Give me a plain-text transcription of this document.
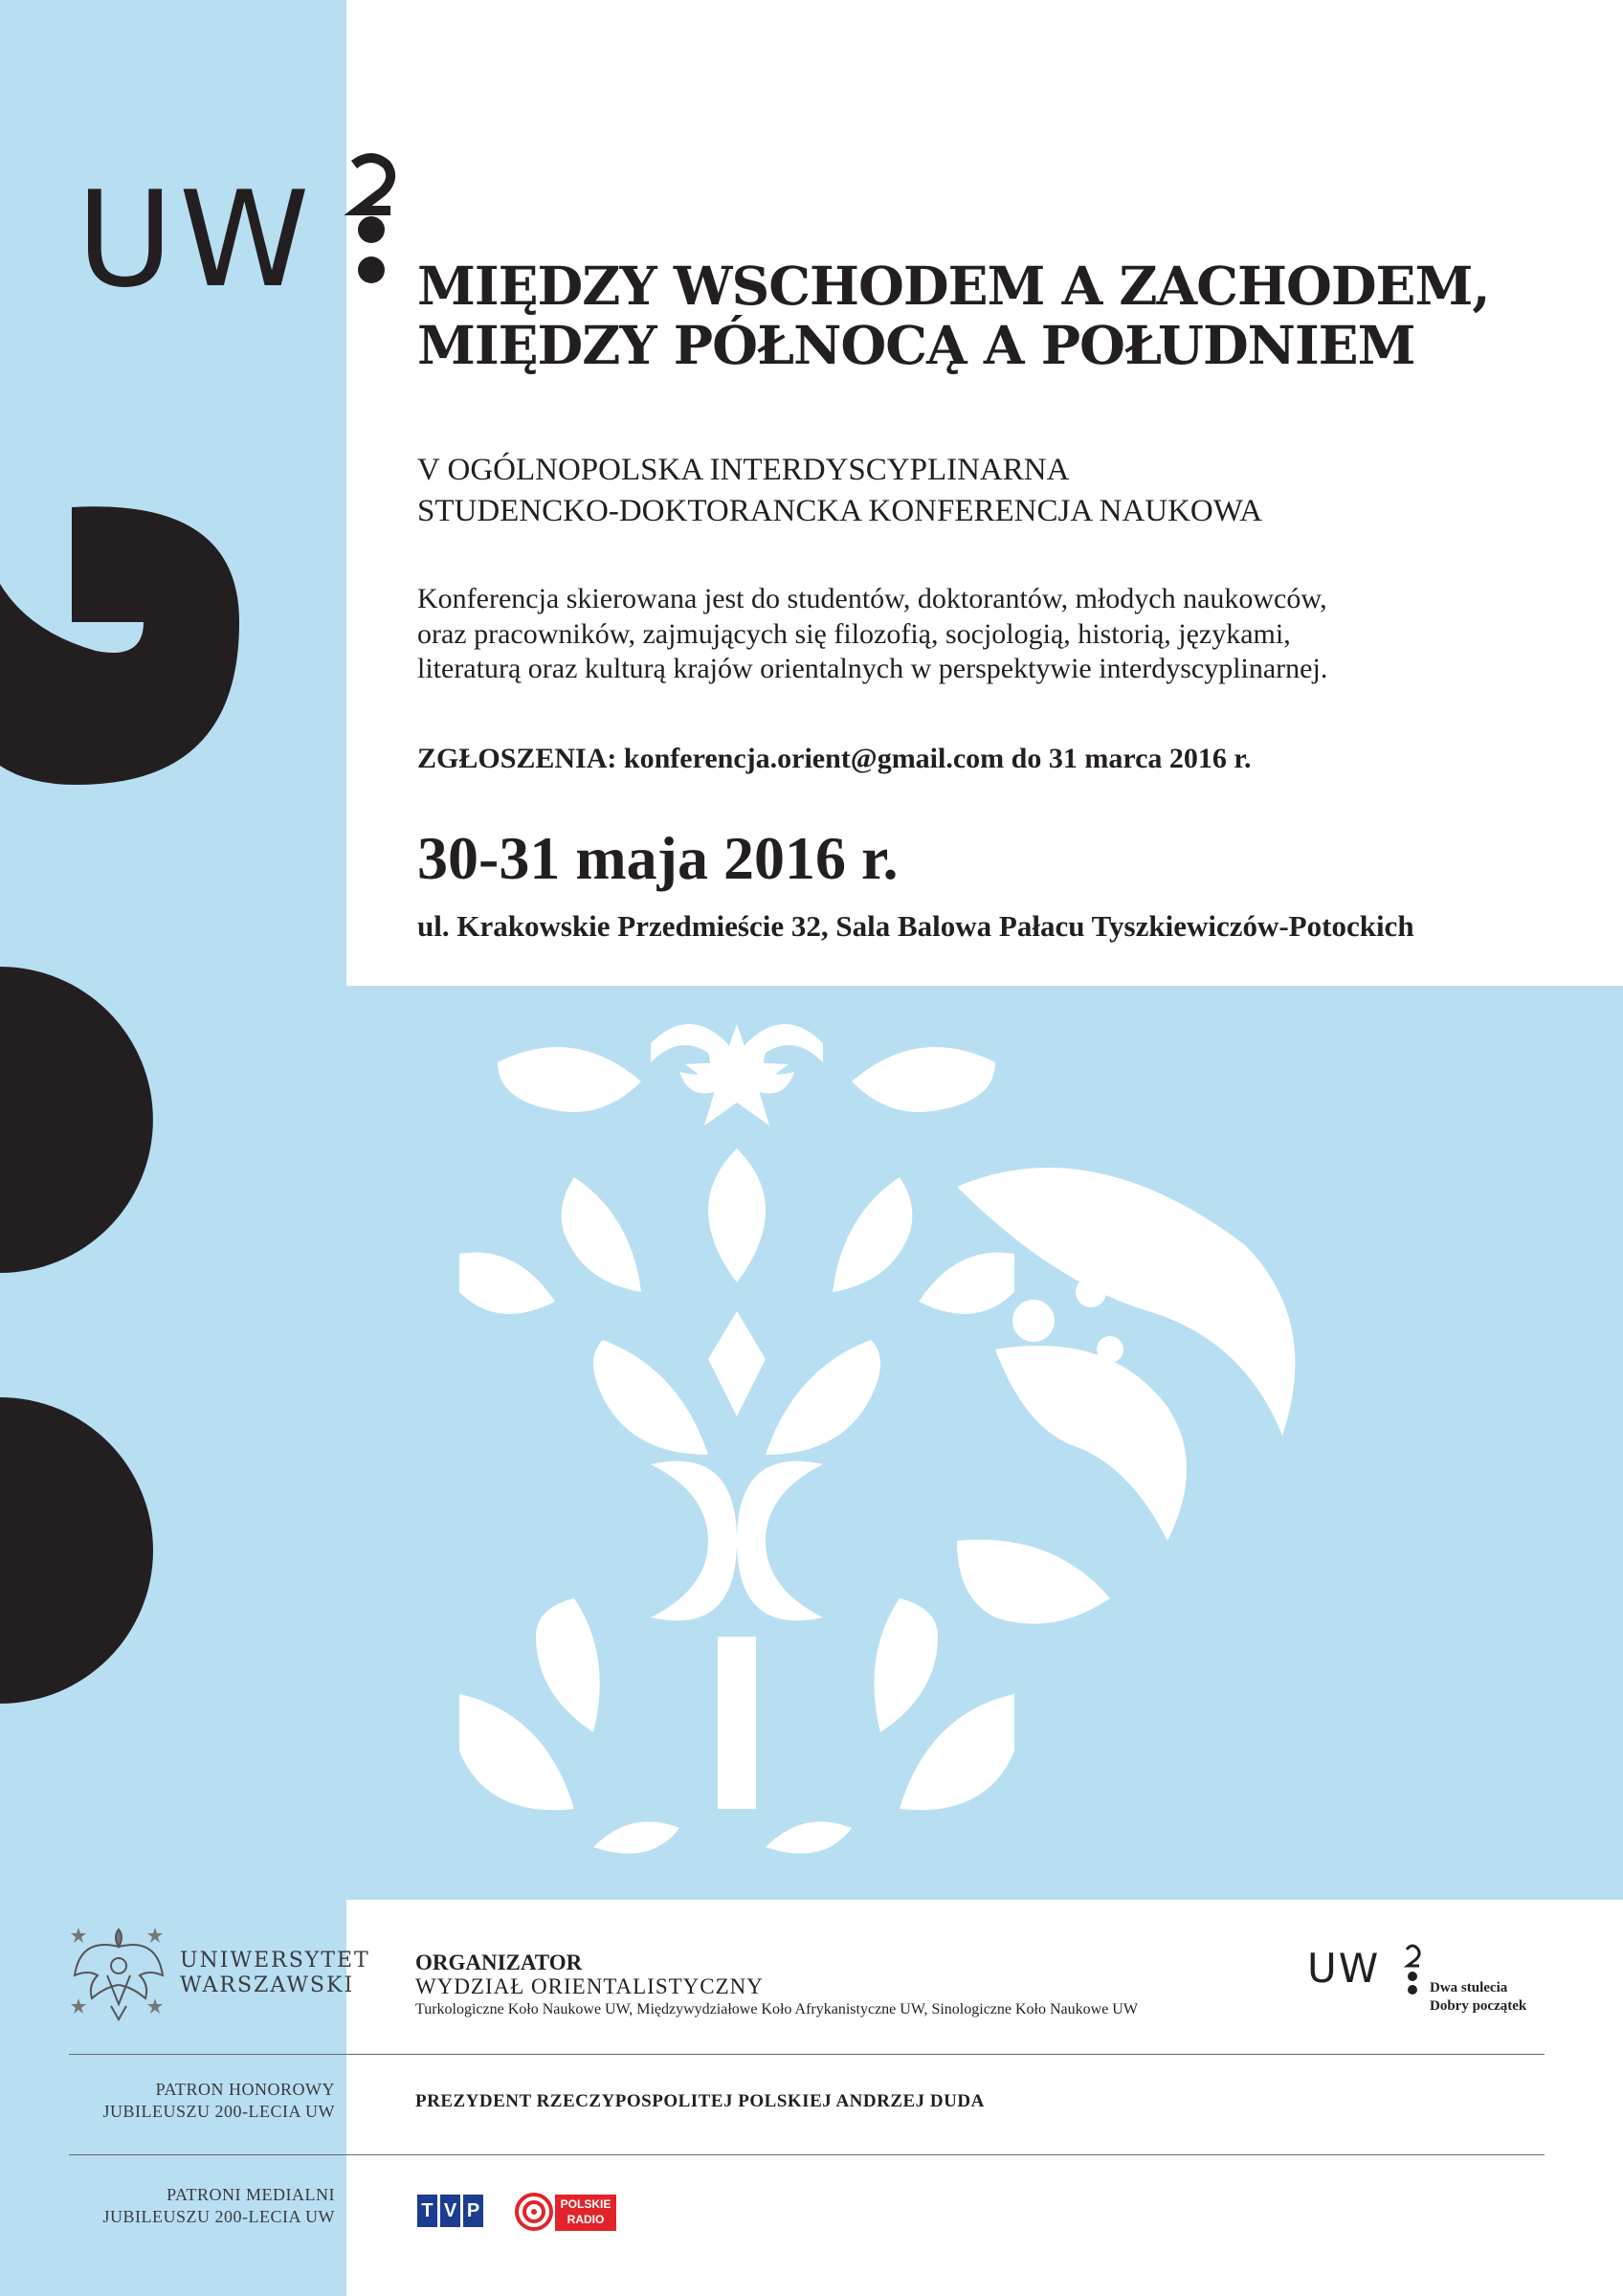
UW MIĘDZY WSCHODEM A ZACHODEM,
MIĘDZY PÓŁNOCĄ A POŁUDNIEM
V OGÓLNOPOLSKA INTERDYSCYPLINARNA
STUDENCKO-DOKTORANCKA KONFERENCJA NAUKOWA
Konferencja skierowana jest do studentów, doktorantów, młodych naukowców,
oraz pracowników, zajmujących się filozofią, socjologią, historią, językami,
literaturą oraz kulturą krajów orientalnych w perspektywie interdyscyplinarnej.
ZGŁOSZENIA: konferencja.orient@gmail.com do 31 marca 2016 r.
30-31 maja 2016 r.
ul. Krakowskie Przedmieście 32, Sala Balowa Pałacu Tyszkiewiczów-Potockich
UNIWERSYTET
WARSZAWSKI
ORGANIZATOR
WYDZIAŁ ORIENTALISTYCZNY
Turkologiczne Koło Naukowe UW, Międzywydziałowe Koło Afrykanistyczne UW, Sinologiczne Koło Naukowe UW
UW	Dwa stulecia
Dobry początek
PATRON HONOROWY
JUBILEUSZU 200-LECIA UW
PREZYDENT RZECZYPOSPOLITEJ POLSKIEJ ANDRZEJ DUDA
PATRONI MEDIALNI
JUBILEUSZU 200-LECIA UW	T V P	POLSKIE
RADIO
